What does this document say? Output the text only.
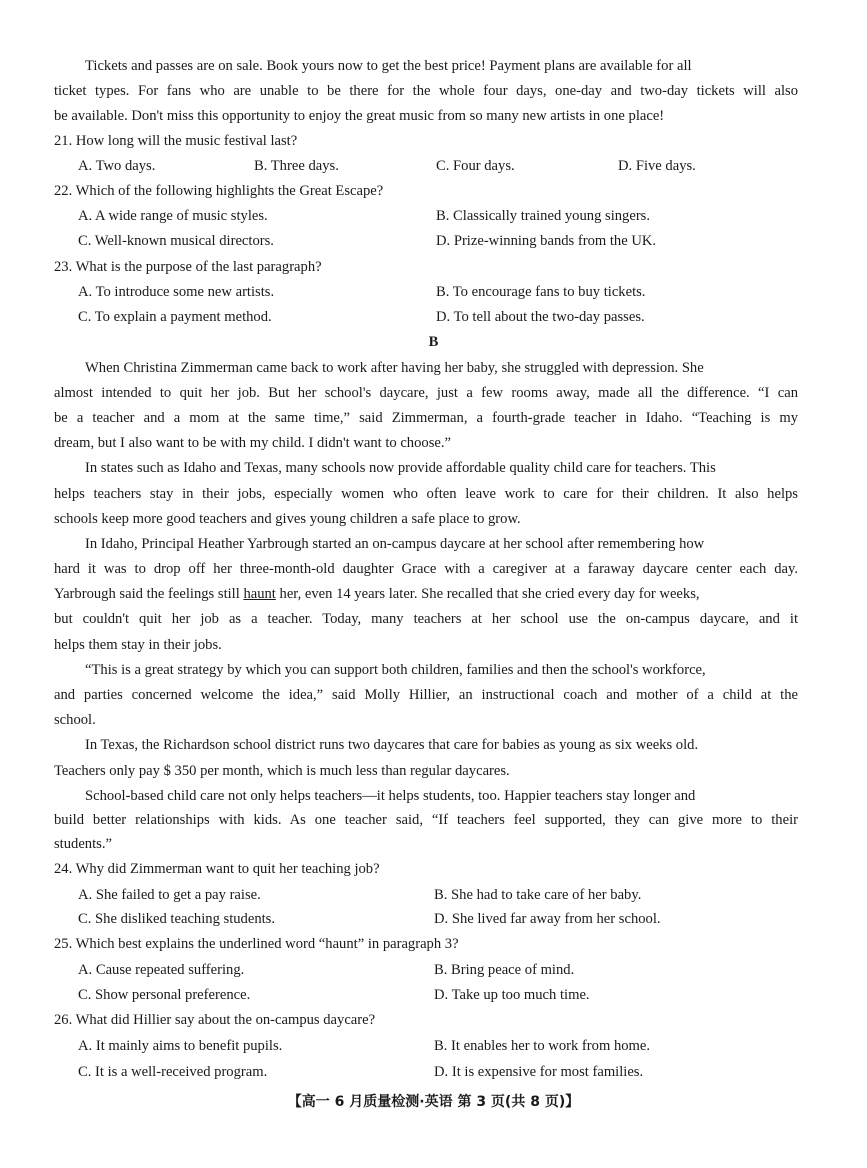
Tickets and passes are on sale. Book yours now to get the best price! Payment plans are available for all
ticket types. For fans who are unable to be there for the whole four days, one-day and two-day tickets will also
be available. Don't miss this opportunity to enjoy the great music from so many new artists in one place!
21. How long will the music festival last?
A. Two days.	B. Three days.	C. Four days.	D. Five days.
22. Which of the following highlights the Great Escape?
A. A wide range of music styles.	B. Classically trained young singers.
C. Well-known musical directors.	D. Prize-winning bands from the UK.
23. What is the purpose of the last paragraph?
A. To introduce some new artists.	B. To encourage fans to buy tickets.
C. To explain a payment method.	D. To tell about the two-day passes.
B
When Christina Zimmerman came back to work after having her baby, she struggled with depression. She
almost intended to quit her job. But her school's daycare, just a few rooms away, made all the difference. “I can
be a teacher and a mom at the same time,” said Zimmerman, a fourth-grade teacher in Idaho. “Teaching is my
dream, but I also want to be with my child. I didn't want to choose.”
In states such as Idaho and Texas, many schools now provide affordable quality child care for teachers. This
helps teachers stay in their jobs, especially women who often leave work to care for their children. It also helps
schools keep more good teachers and gives young children a safe place to grow.
In Idaho, Principal Heather Yarbrough started an on-campus daycare at her school after remembering how
hard it was to drop off her three-month-old daughter Grace with a caregiver at a faraway daycare center each day.
Yarbrough said the feelings still haunt her, even 14 years later. She recalled that she cried every day for weeks,
but couldn't quit her job as a teacher. Today, many teachers at her school use the on-campus daycare, and it
helps them stay in their jobs.
“This is a great strategy by which you can support both children, families and then the school's workforce,
and parties concerned welcome the idea,” said Molly Hillier, an instructional coach and mother of a child at the
school.
In Texas, the Richardson school district runs two daycares that care for babies as young as six weeks old.
Teachers only pay $ 350 per month, which is much less than regular daycares.
School-based child care not only helps teachers—it helps students, too. Happier teachers stay longer and
build better relationships with kids. As one teacher said, “If teachers feel supported, they can give more to their
students.”
24. Why did Zimmerman want to quit her teaching job?
A. She failed to get a pay raise.	B. She had to take care of her baby.
C. She disliked teaching students.	D. She lived far away from her school.
25. Which best explains the underlined word “haunt” in paragraph 3?
A. Cause repeated suffering.	B. Bring peace of mind.
C. Show personal preference.	D. Take up too much time.
26. What did Hillier say about the on-campus daycare?
A. It mainly aims to benefit pupils.	B. It enables her to work from home.
C. It is a well-received program.	D. It is expensive for most families.
【高一 6 月质量检测·英语 第 3 页(共 8 页)】
